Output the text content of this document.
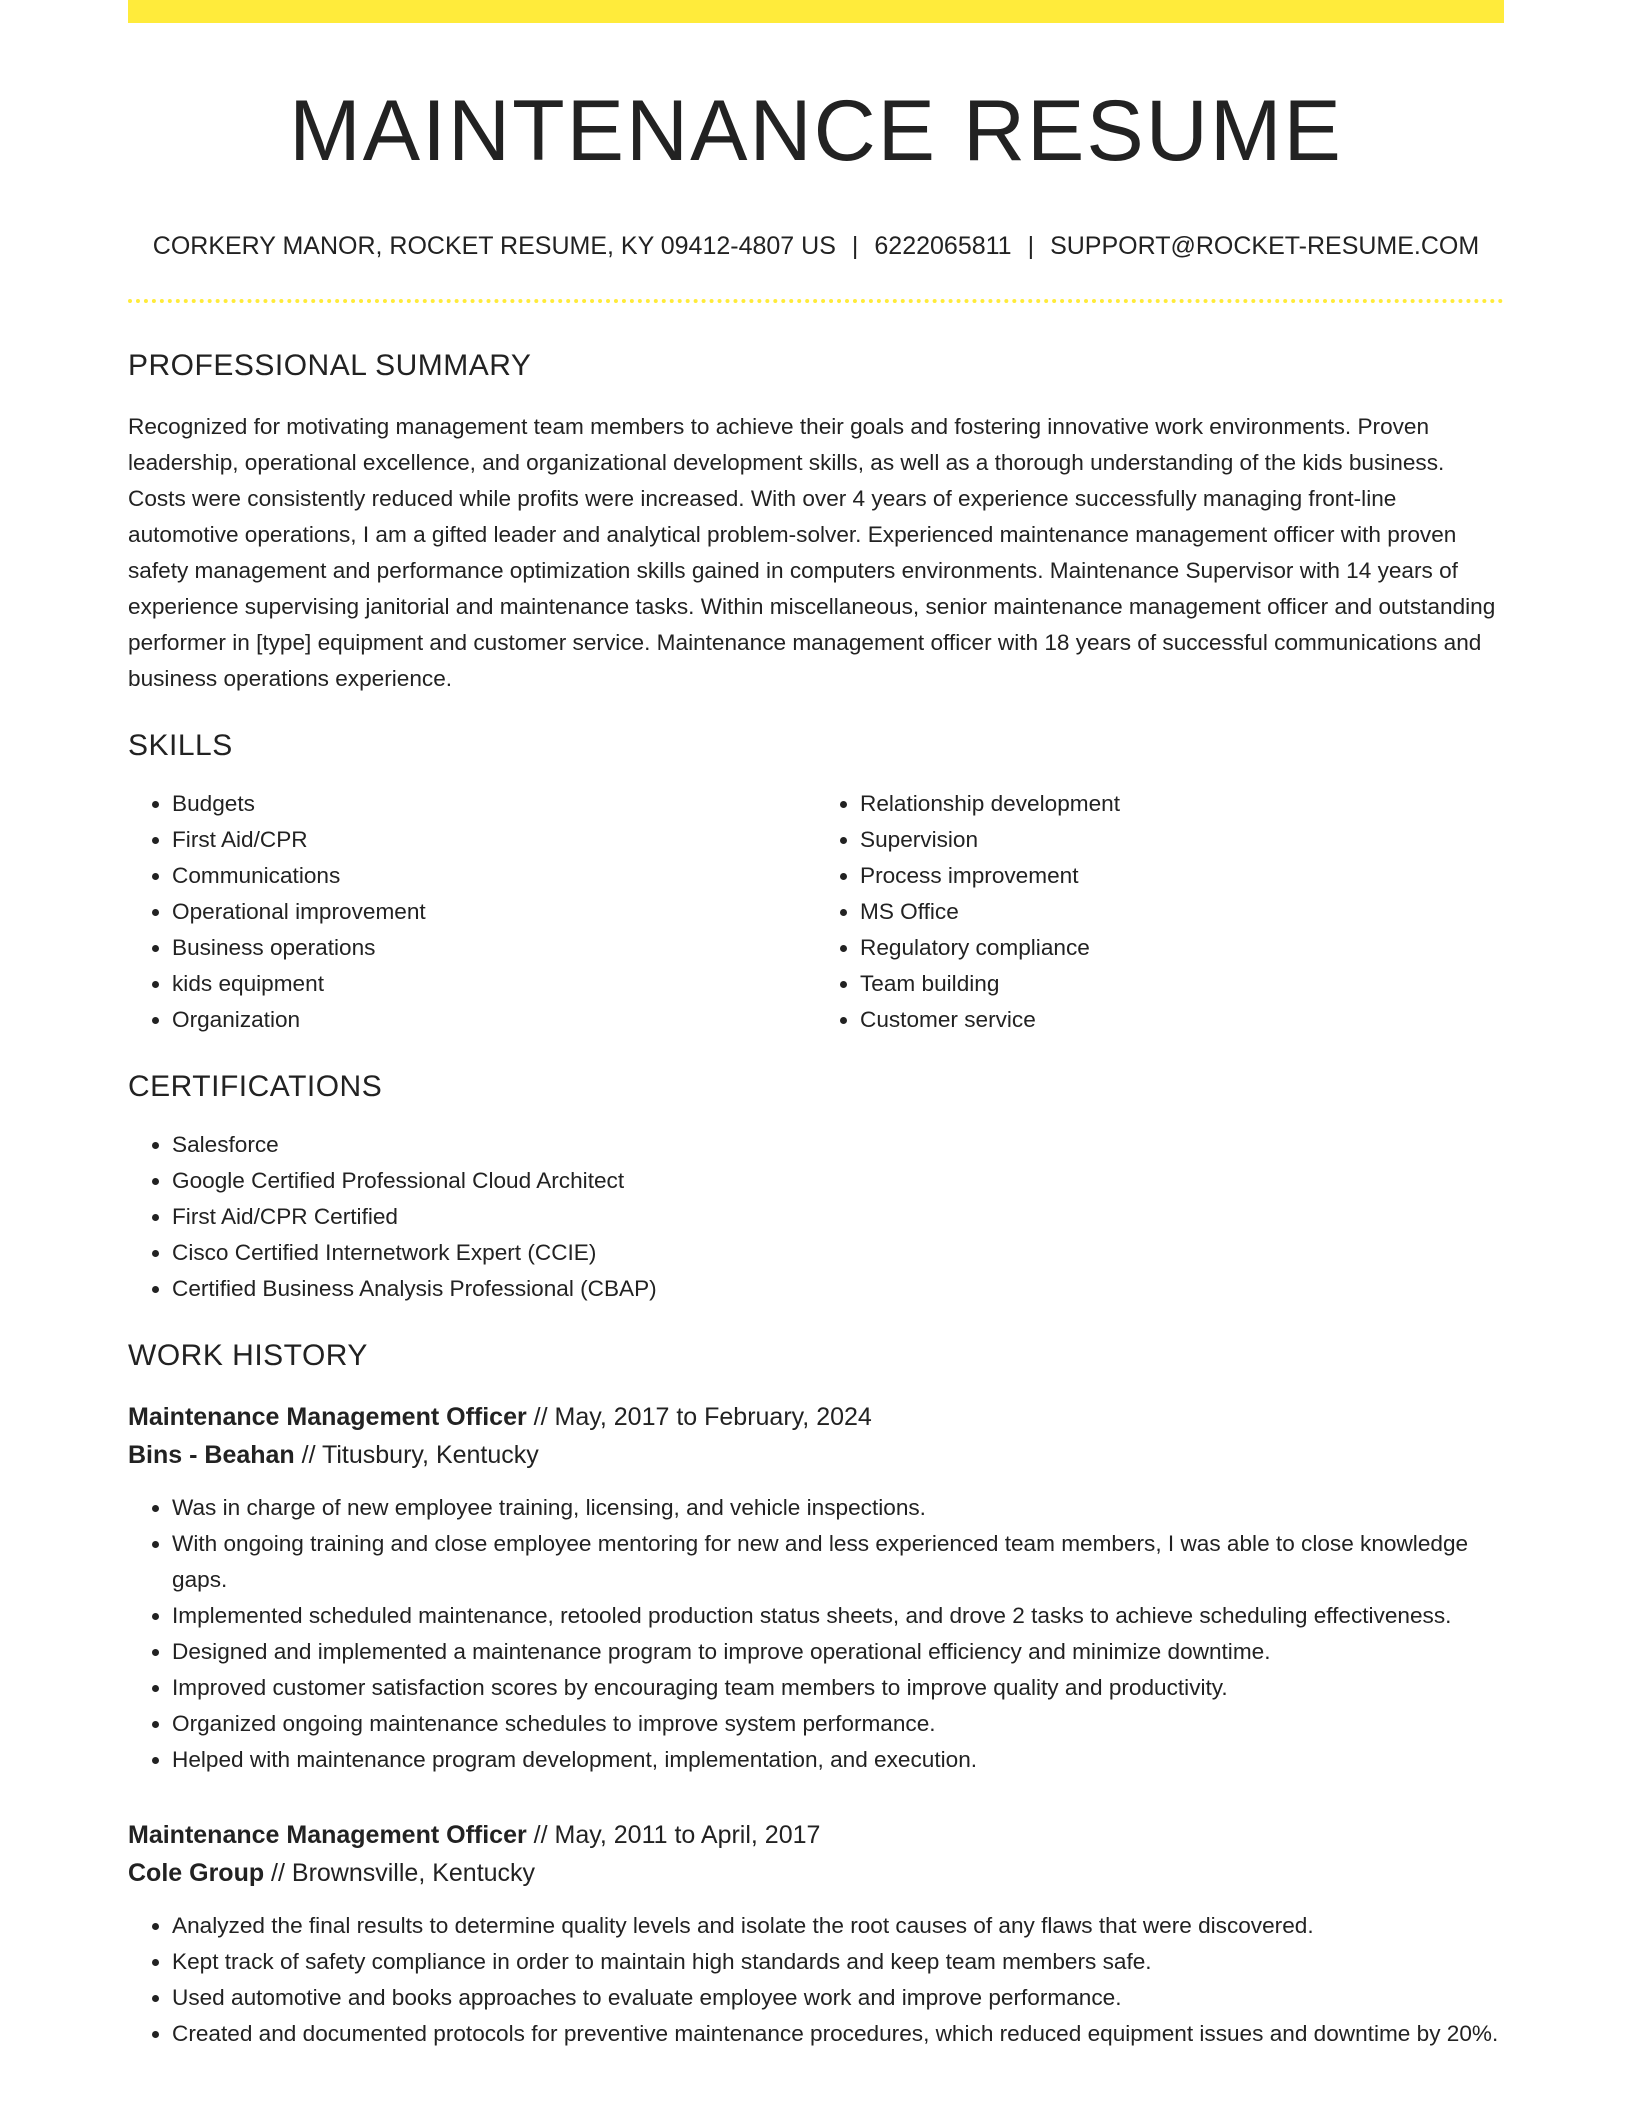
MAINTENANCE RESUME
CORKERY MANOR, ROCKET RESUME, KY 09412-4807 US | 6222065811 | SUPPORT@ROCKET-RESUME.COM
PROFESSIONAL SUMMARY
Recognized for motivating management team members to achieve their goals and fostering innovative work environments. Proven leadership, operational excellence, and organizational development skills, as well as a thorough understanding of the kids business. Costs were consistently reduced while profits were increased. With over 4 years of experience successfully managing front-line automotive operations, I am a gifted leader and analytical problem-solver. Experienced maintenance management officer with proven safety management and performance optimization skills gained in computers environments. Maintenance Supervisor with 14 years of experience supervising janitorial and maintenance tasks. Within miscellaneous, senior maintenance management officer and outstanding performer in [type] equipment and customer service. Maintenance management officer with 18 years of successful communications and business operations experience.
SKILLS
• Budgets
• First Aid/CPR
• Communications
• Operational improvement
• Business operations
• kids equipment
• Organization
• Relationship development
• Supervision
• Process improvement
• MS Office
• Regulatory compliance
• Team building
• Customer service
CERTIFICATIONS
• Salesforce
• Google Certified Professional Cloud Architect
• First Aid/CPR Certified
• Cisco Certified Internetwork Expert (CCIE)
• Certified Business Analysis Professional (CBAP)
WORK HISTORY
Maintenance Management Officer // May, 2017 to February, 2024
Bins - Beahan // Titusbury, Kentucky
• Was in charge of new employee training, licensing, and vehicle inspections.
• With ongoing training and close employee mentoring for new and less experienced team members, I was able to close knowledge gaps.
• Implemented scheduled maintenance, retooled production status sheets, and drove 2 tasks to achieve scheduling effectiveness.
• Designed and implemented a maintenance program to improve operational efficiency and minimize downtime.
• Improved customer satisfaction scores by encouraging team members to improve quality and productivity.
• Organized ongoing maintenance schedules to improve system performance.
• Helped with maintenance program development, implementation, and execution.
Maintenance Management Officer // May, 2011 to April, 2017
Cole Group // Brownsville, Kentucky
• Analyzed the final results to determine quality levels and isolate the root causes of any flaws that were discovered.
• Kept track of safety compliance in order to maintain high standards and keep team members safe.
• Used automotive and books approaches to evaluate employee work and improve performance.
• Created and documented protocols for preventive maintenance procedures, which reduced equipment issues and downtime by 20%.
